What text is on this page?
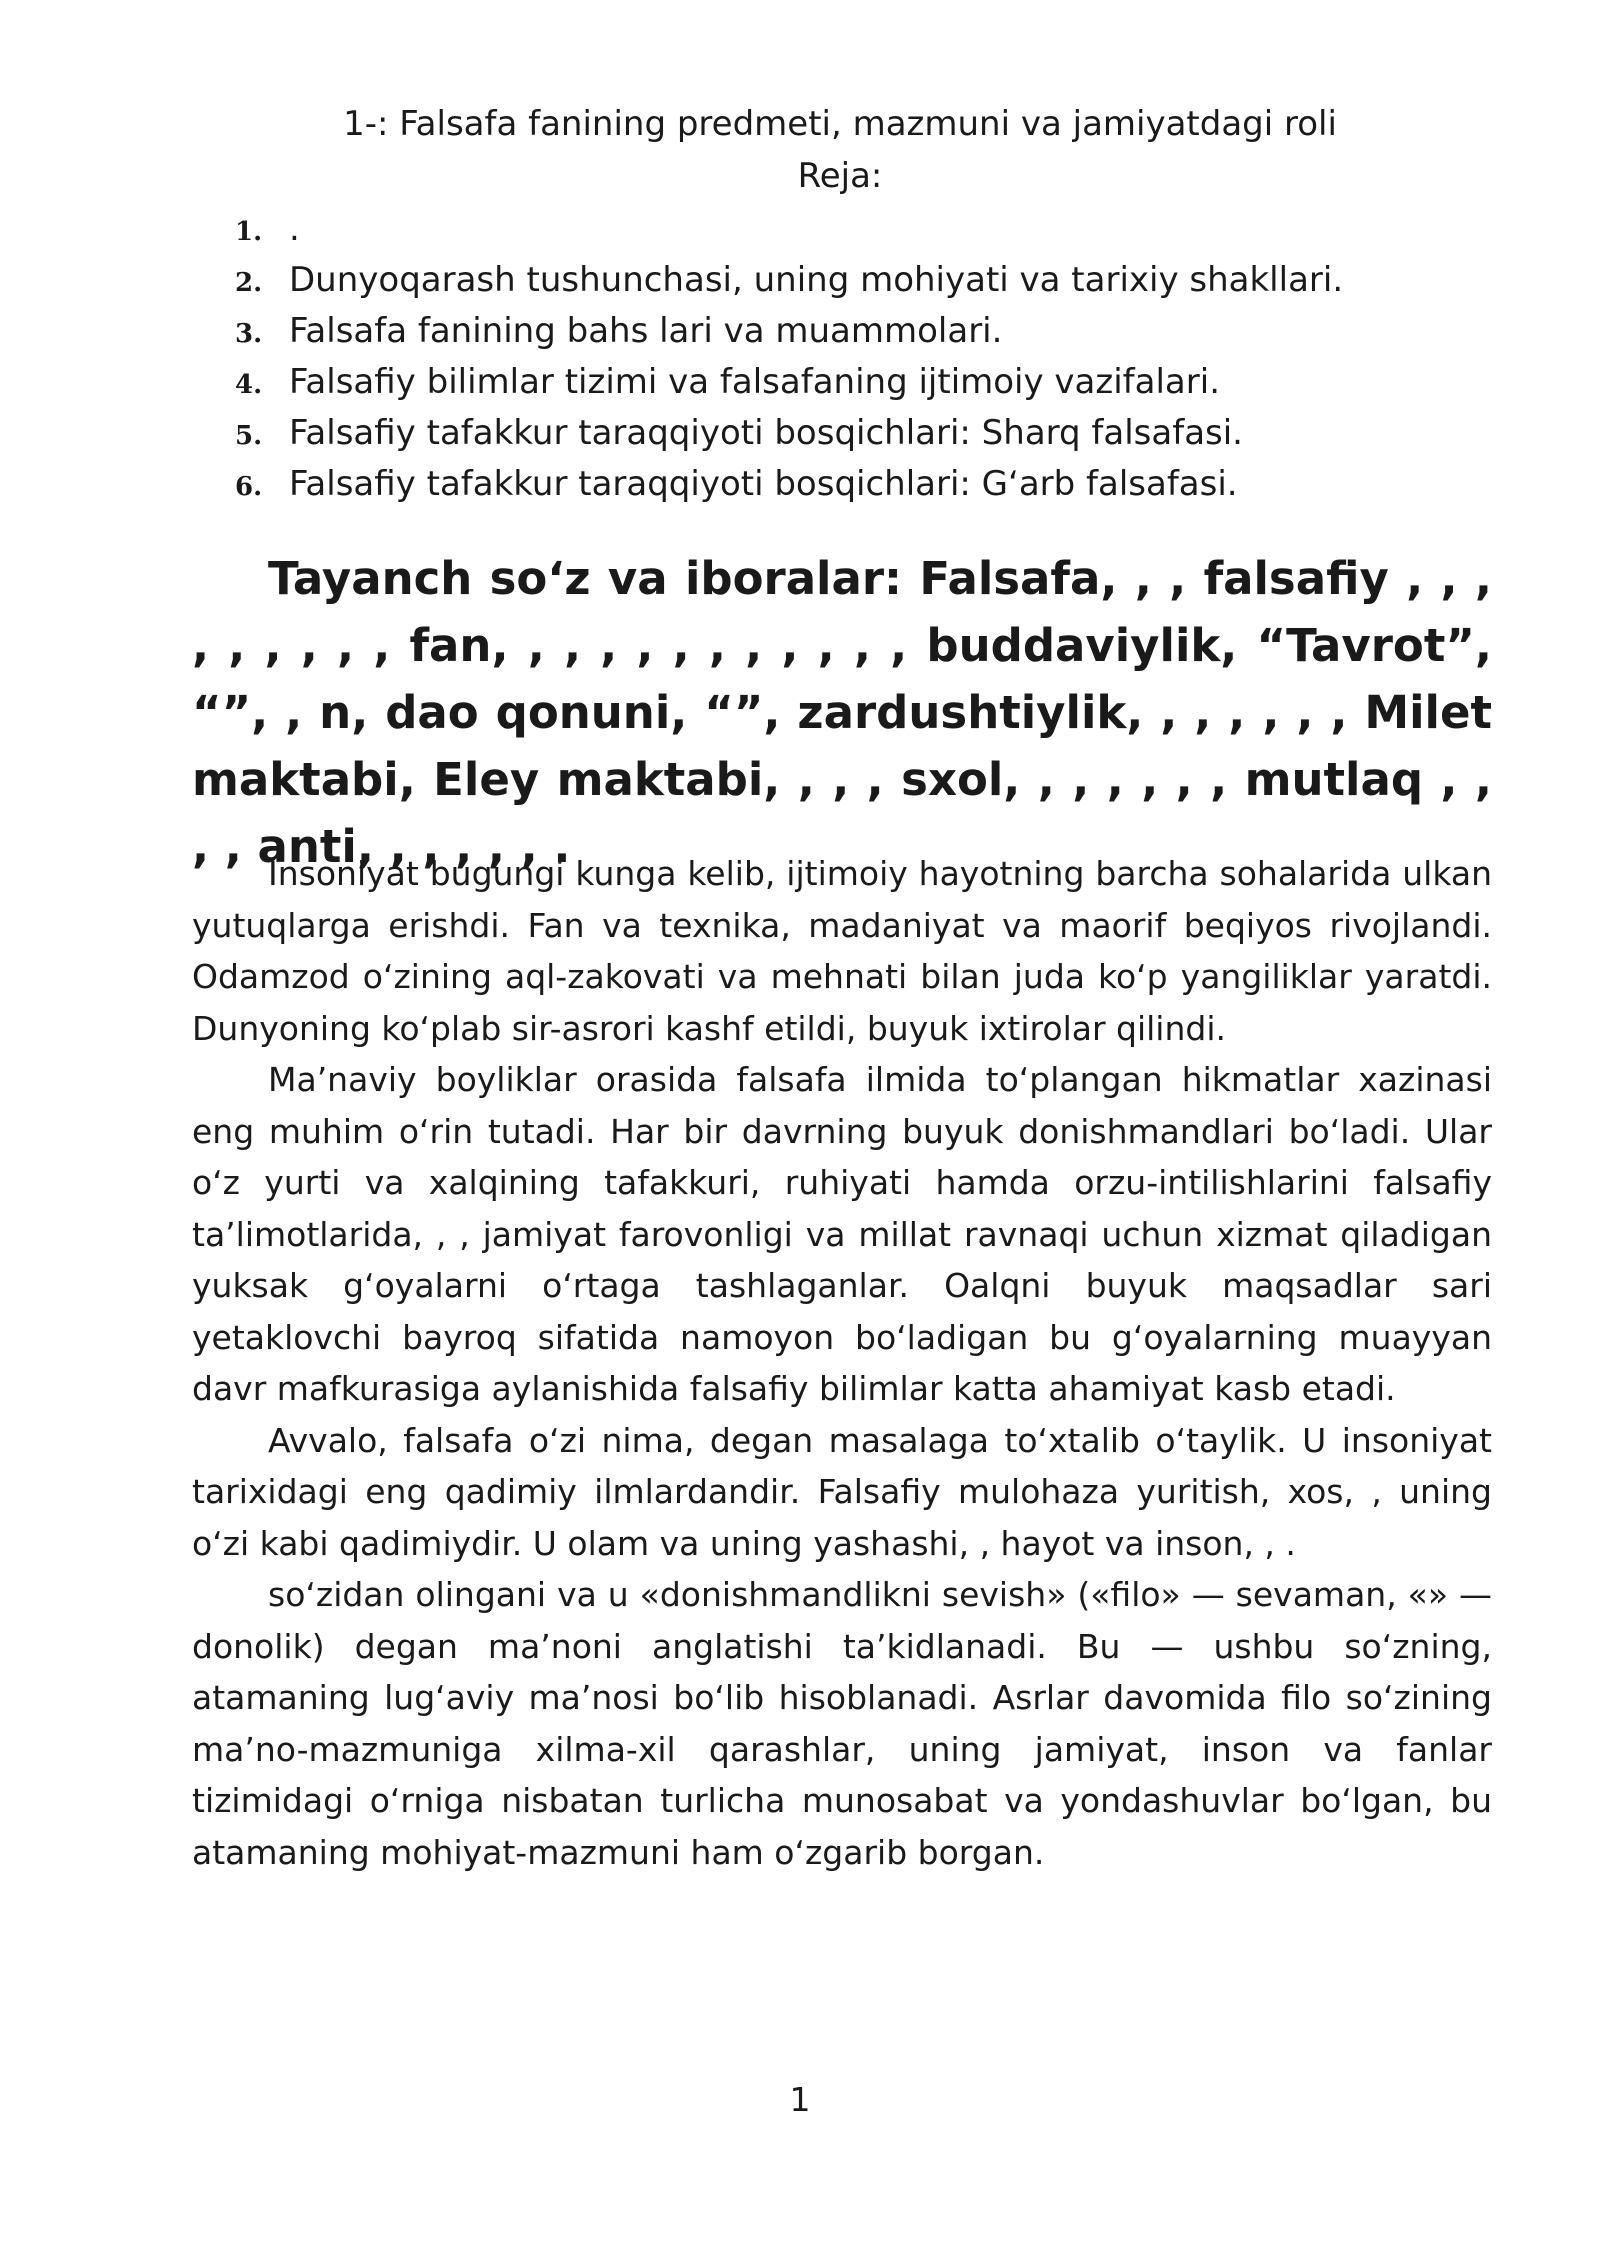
1-: Falsafa fanining predmeti, mazmuni va jamiyatdagi roli
Reja:
1. .
2. Dunyoqarash tushunchasi, uning mohiyati va tarixiy shakllari.
3. Falsafa fanining bahs lari va muammolari.
4. Falsafiy bilimlar tizimi va falsafaning ijtimoiy vazifalari.
5. Falsafiy tafakkur taraqqiyoti bosqichlari: Sharq falsafasi.
6. Falsafiy tafakkur taraqqiyoti bosqichlari: G‘arb falsafasi.

Tayanch so‘z va iboralar: Falsafa, , , falsafiy , , , , , , , , , fan, , , , , , , , , , , , buddaviylik, “Tavrot”, “”, , n, dao qonuni, “”, zardushtiylik, , , , , , , Milet maktabi, Eley maktabi, , , , sxol, , , , , , , mutlaq , , , , anti, , , , , , .

Insoniyat bugungi kunga kelib, ijtimoiy hayotning barcha sohalarida ulkan yutuqlarga erishdi. Fan va texnika, madaniyat va maorif beqiyos rivojlandi. Odamzod o‘zining aql-zakovati va mehnati bilan juda ko‘p yangiliklar yaratdi. Dunyoning ko‘plab sir-asrori kashf etildi, buyuk ixtirolar qilindi.

Ma’naviy boyliklar orasida falsafa ilmida to‘plangan hikmatlar xazinasi eng muhim o‘rin tutadi. Har bir davrning buyuk donishmandlari bo‘ladi. Ular o‘z yurti va xalqining tafakkuri, ruhiyati hamda orzu-intilishlarini falsafiy ta’limotlarida, , , jamiyat farovonligi va millat ravnaqi uchun xizmat qiladigan yuksak g‘oyalarni o‘rtaga tashlaganlar. Oalqni buyuk maqsadlar sari yetaklovchi bayroq sifatida namoyon bo‘ladigan bu g‘oyalarning muayyan davr mafkurasiga aylanishida falsafiy bilimlar katta ahamiyat kasb etadi.

Avvalo, falsafa o‘zi nima, degan masalaga to‘xtalib o‘taylik. U insoniyat tarixidagi eng qadimiy ilmlardandir. Falsafiy mulohaza yuritish, xos, , uning o‘zi kabi qadimiydir. U olam va uning yashashi, , hayot va inson, , .

so‘zidan olingani va u «donishmandlikni sevish» («filo» — sevaman, «» — donolik) degan ma’noni anglatishi ta’kidlanadi. Bu — ushbu so‘zning, atamaning lug‘aviy ma’nosi bo‘lib hisoblanadi. Asrlar davomida filo so‘zining ma’no-mazmuniga xilma-xil qarashlar, uning jamiyat, inson va fanlar tizimidagi o‘rniga nisbatan turlicha munosabat va yondashuvlar bo‘lgan, bu atamaning mohiyat-mazmuni ham o‘zgarib borgan.

1
